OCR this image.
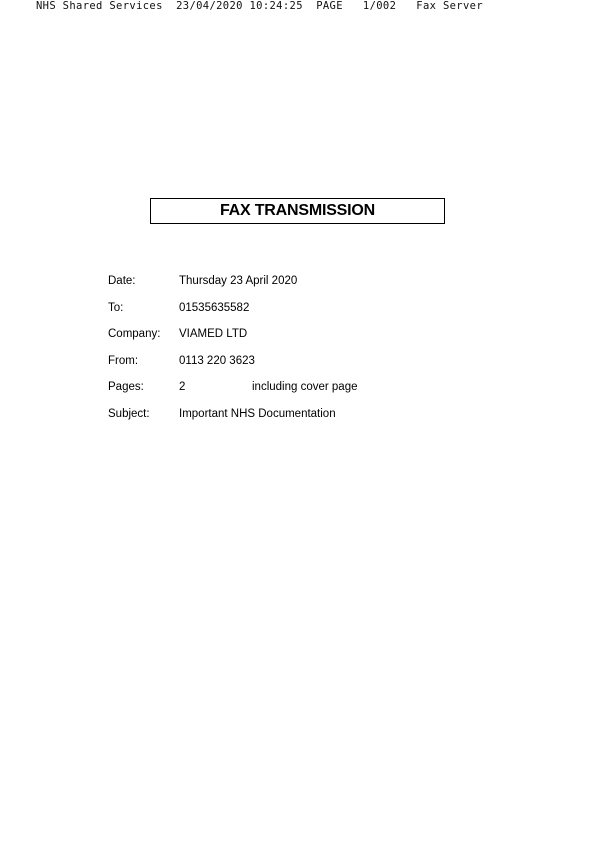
NHS Shared Services  23/04/2020 10:24:25  PAGE   1/002   Fax Server
FAX TRANSMISSION
Date:	Thursday 23 April 2020
To:	01535635582
Company: VIAMED LTD
From:	0113 220 3623
Pages:	2	including cover page
Subject:	Important NHS Documentation
